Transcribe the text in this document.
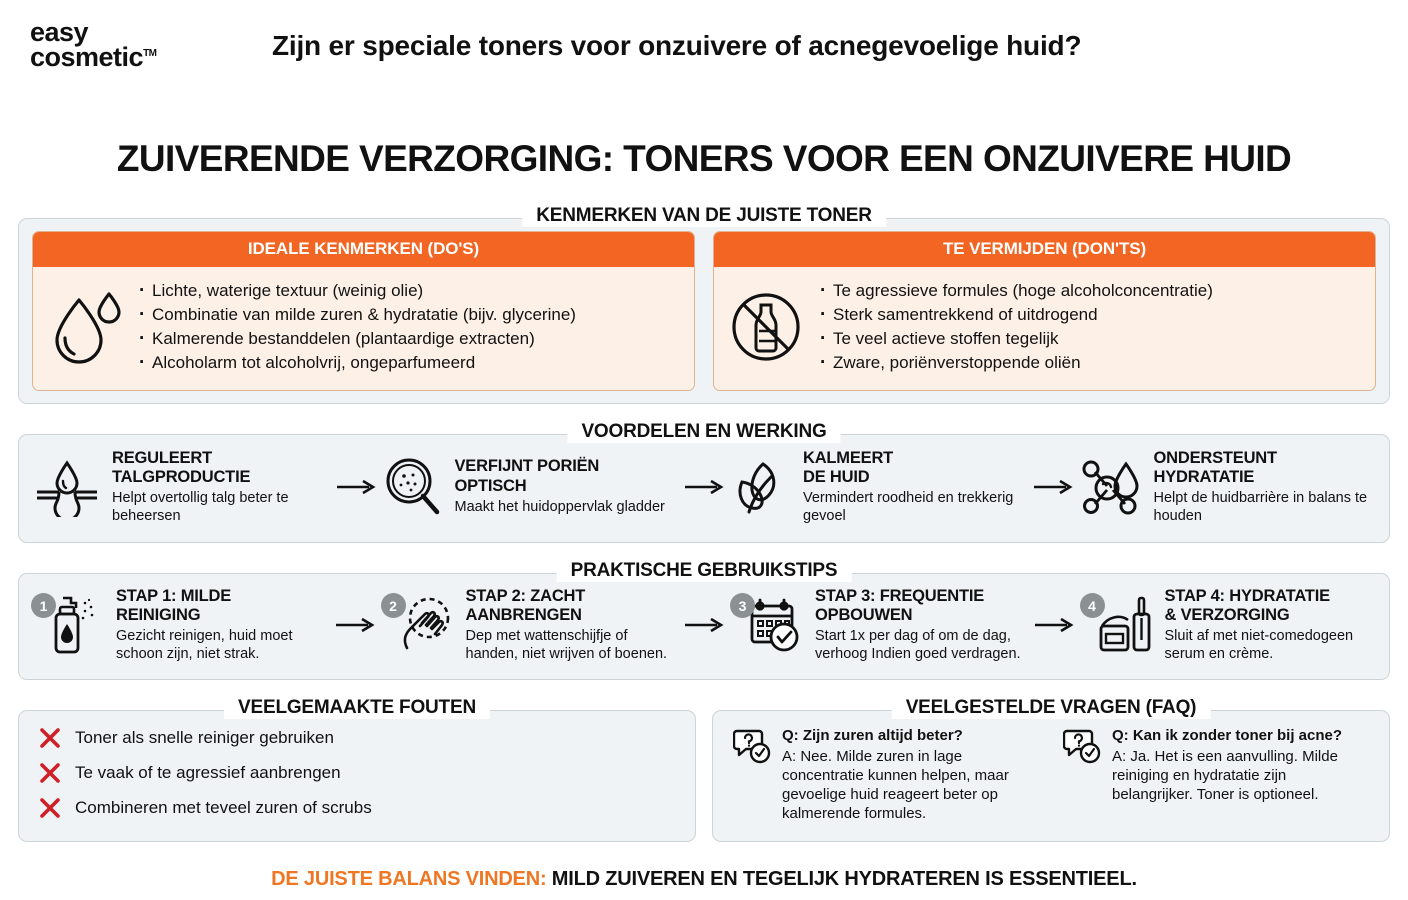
easy
cosmetic™	Zijn er speciale toners voor onzuivere of acnegevoelige huid?
ZUIVERENDE VERZORGING: TONERS VOOR EEN ONZUIVERE HUID
KENMERKEN VAN DE JUISTE TONER
IDEALE KENMERKEN (DO'S)
· Lichte, waterige textuur (weinig olie)
· Combinatie van milde zuren & hydratatie (bijv. glycerine)
· Kalmerende bestanddelen (plantaardige extracten)
· Alcoholarm tot alcoholvrij, ongeparfumeerd
TE VERMIJDEN (DON'TS)
· Te agressieve formules (hoge alcoholconcentratie)
· Sterk samentrekkend of uitdrogend
· Te veel actieve stoffen tegelijk
· Zware, poriënverstoppende oliën
VOORDELEN EN WERKING
REGULEERT
TALGPRODUCTIE
Helpt overtollig talg beter te beheersen
VERFIJNT PORIËN
OPTISCH
Maakt het huidoppervlak gladder
KALMEERT
DE HUID
Vermindert roodheid en trekkerig gevoel
ONDERSTEUNT
HYDRATATIE
Helpt de huidbarrière in balans te houden
PRAKTISCHE GEBRUIKSTIPS
1
STAP 1: MILDE
REINIGING
Gezicht reinigen, huid moet schoon zijn, niet strak.
2
STAP 2: ZACHT
AANBRENGEN
Dep met wattenschijfje of handen, niet wrijven of boenen.
3
STAP 3: FREQUENTIE
OPBOUWEN
Start 1x per dag of om de dag, verhoog Indien goed verdragen.
4
STAP 4: HYDRATATIE
& VERZORGING
Sluit af met niet-comedogeen serum en crème.
VEELGEMAAKTE FOUTEN
Toner als snelle reiniger gebruiken
Te vaak of te agressief aanbrengen
Combineren met teveel zuren of scrubs
VEELGESTELDE VRAGEN (FAQ)
Q: Zijn zuren altijd beter?
A: Nee. Milde zuren in lage concentratie kunnen helpen, maar gevoelige huid reageert beter op kalmerende formules.
Q: Kan ik zonder toner bij acne?
A: Ja. Het is een aanvulling. Milde reiniging en hydratatie zijn belangrijker. Toner is optioneel.
DE JUISTE BALANS VINDEN: MILD ZUIVEREN EN TEGELIJK HYDRATEREN IS ESSENTIEEL.
